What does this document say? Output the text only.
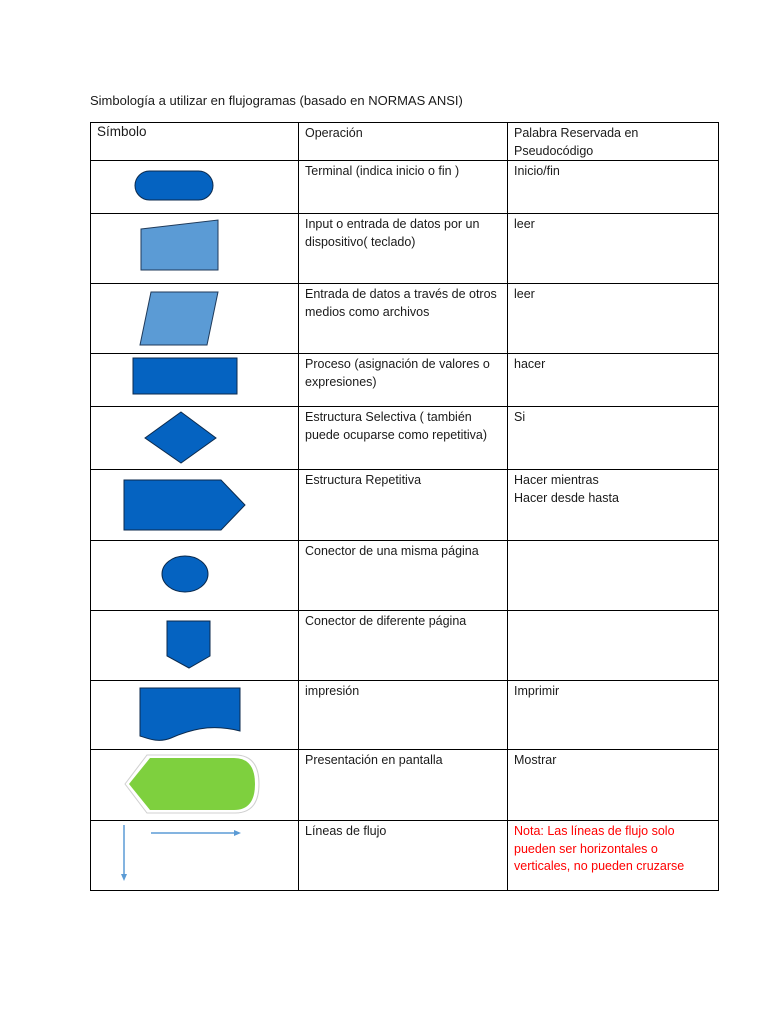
Simbología a utilizar en flujogramas (basado en NORMAS ANSI)
Símbolo	Operación	Palabra Reservada en Pseudocódigo

	Terminal (indica inicio o fin )	Inicio/fin

	Input o entrada de datos por un dispositivo( teclado)	leer

	Entrada de datos a través de otros medios como archivos	leer

	Proceso (asignación de valores o expresiones)	hacer

	Estructura Selectiva ( también puede ocuparse como repetitiva)	Si

	Estructura Repetitiva	Hacer mientras
Hacer desde hasta

	Conector de una misma página	

	Conector de diferente página	

	impresión	Imprimir

	Presentación en pantalla	Mostrar

	Líneas de flujo	Nota: Las líneas de flujo solo pueden ser horizontales o verticales, no pueden cruzarse
